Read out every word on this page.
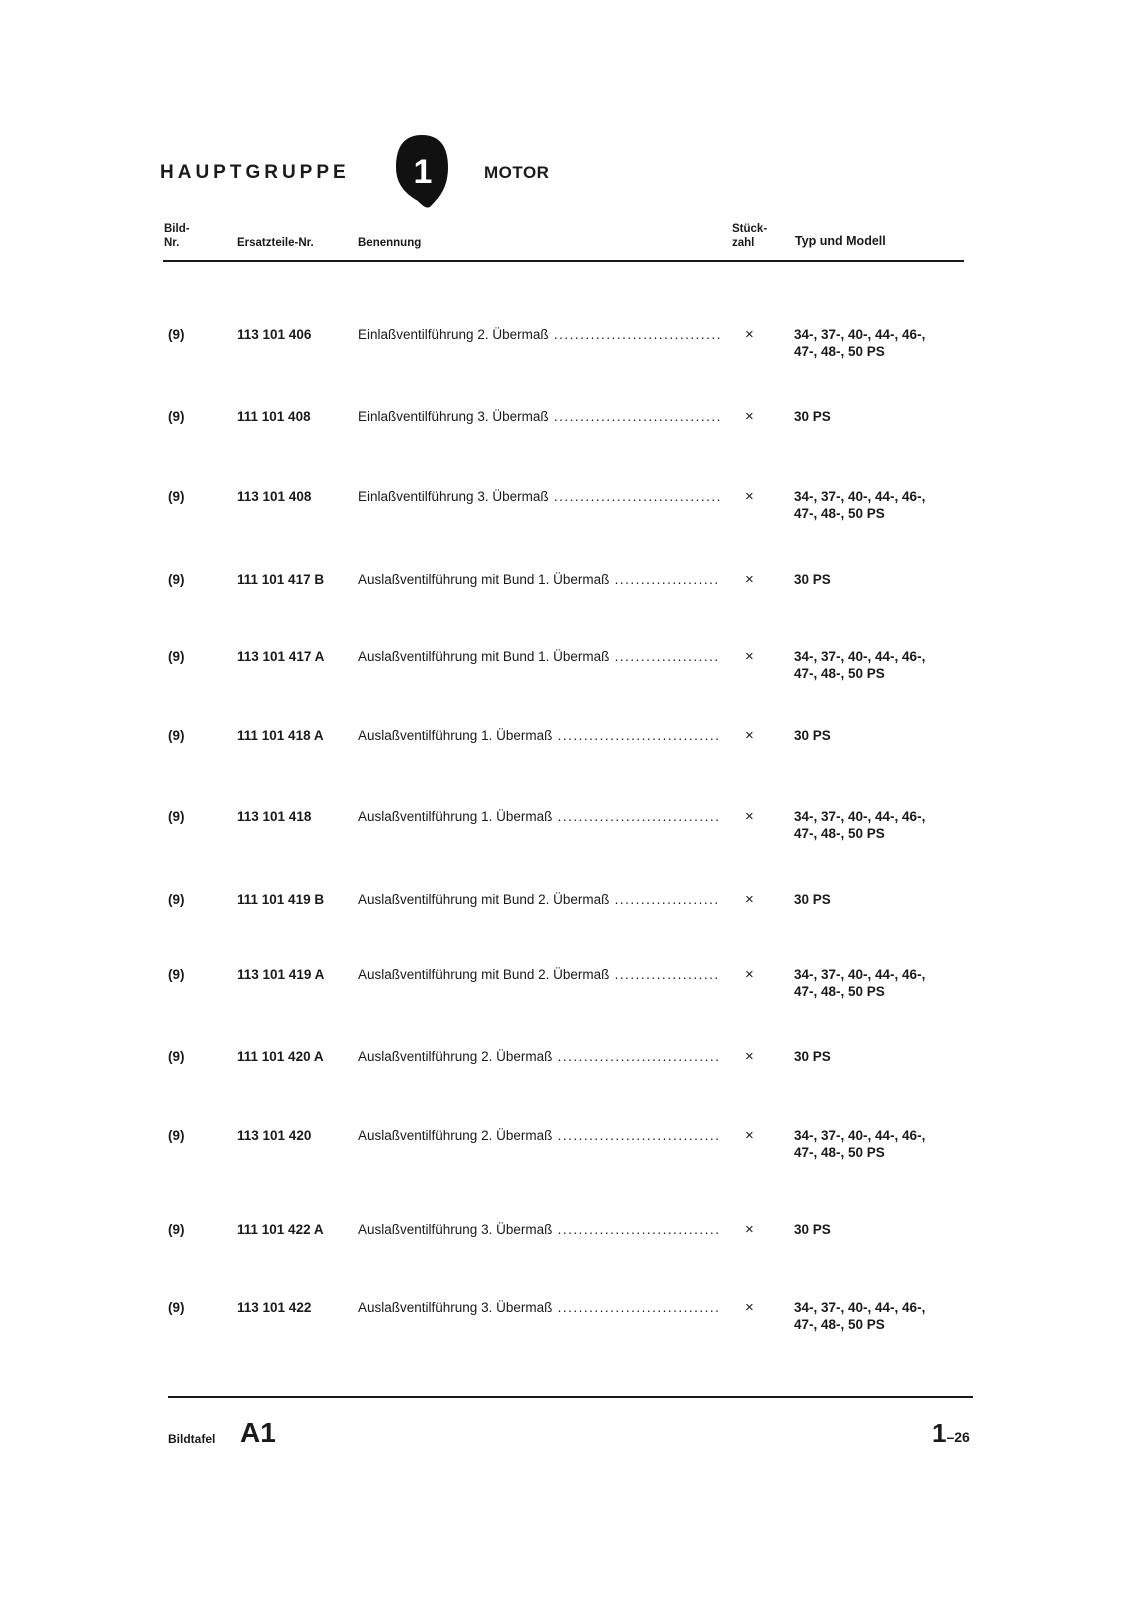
HAUPTGRUPPE 1	MOTOR
Bild-
Nr.	Ersatzteile-Nr.	Benennung
Stück-
zahl	Typ und Modell
(9)	113 101 406	Einlaßventilführung 2. Übermaß .....	×	34-, 37-, 40-, 44-, 46-,
47-, 48-, 50 PS
(9)	111 101 408	Einlaßventilführung 3. Übermaß .....	×	30 PS
(9)	113 101 408	Einlaßventilführung 3. Übermaß .....	×	34-, 37-, 40-, 44-, 46-,
47-, 48-, 50 PS
(9)	111 101 417 B	Auslaßventilführung mit Bund 1. Übermaß .....	×	30 PS
(9)	113 101 417 A Auslaßventilführung mit Bund 1. Übermaß .....	×	34-, 37-, 40-, 44-, 46-,
47-, 48-, 50 PS
(9)	111 101 418 A	Auslaßventilführung 1. Übermaß .....	×	30 PS
(9)	113 101 418	Auslaßventilführung 1. Übermaß .....	×	34-, 37-, 40-, 44-, 46-,
47-, 48-, 50 PS
(9)	111 101 419 B	Auslaßventilführung mit Bund 2. Übermaß .....	×	30 PS
(9)	113 101 419 A Auslaßventilführung mit Bund 2. Übermaß .....	×	34-, 37-, 40-, 44-, 46-,
47-, 48-, 50 PS
(9)	111 101 420 A	Auslaßventilführung 2. Übermaß .....	×	30 PS
(9)	113 101 420	Auslaßventilführung 2. Übermaß .....	×	34-, 37-, 40-, 44-, 46-,
47-, 48-, 50 PS
(9)	111 101 422 A	Auslaßventilführung 3. Übermaß .....	×	30 PS
(9)	113 101 422	Auslaßventilführung 3. Übermaß .....	×	34-, 37-, 40-, 44-, 46-,
47-, 48-, 50 PS
Bildtafel A1	1–26
